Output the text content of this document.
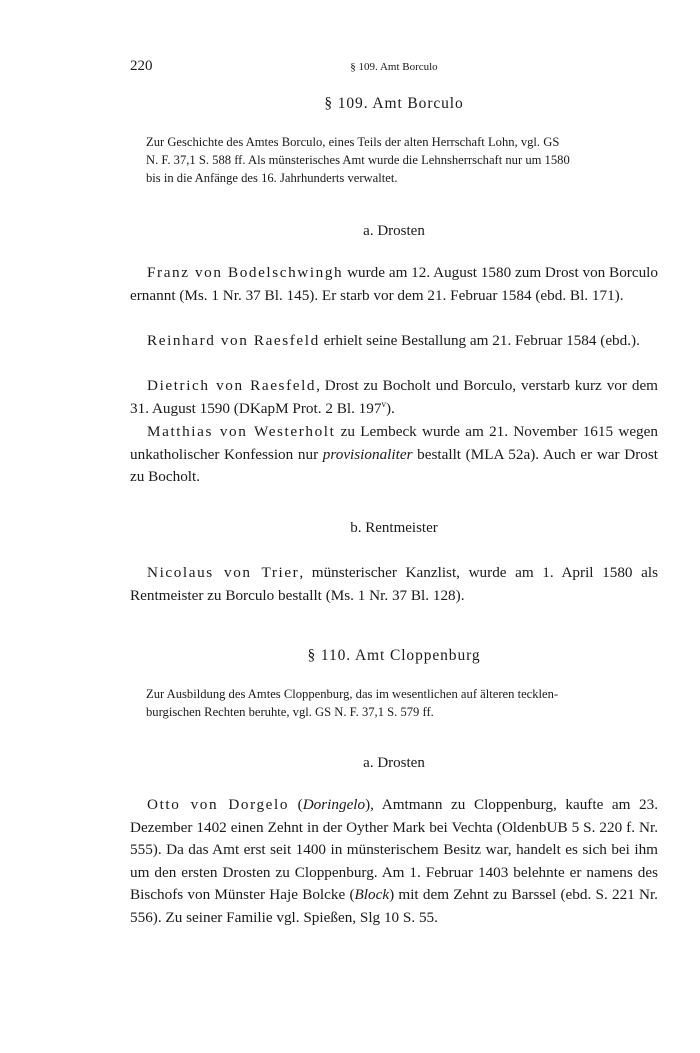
220	§ 109. Amt Borculo
§ 109. Amt Borculo
Zur Geschichte des Amtes Borculo, eines Teils der alten Herrschaft Lohn, vgl. GS
N. F. 37,1 S. 588 ff. Als münsterisches Amt wurde die Lehnsherrschaft nur um 1580
bis in die Anfänge des 16. Jahrhunderts verwaltet.
a. Drosten
Franz von Bodelschwingh wurde am 12. August 1580 zum Drost von Borculo ernannt (Ms. 1 Nr. 37 Bl. 145). Er starb vor dem 21. Februar 1584 (ebd. Bl. 171).
Reinhard von Raesfeld erhielt seine Bestallung am 21. Februar 1584 (ebd.).
Dietrich von Raesfeld, Drost zu Bocholt und Borculo, verstarb kurz vor dem 31. August 1590 (DKapM Prot. 2 Bl. 197$^v$).
Matthias von Westerholt zu Lembeck wurde am 21. November 1615 wegen unkatholischer Konfession nur provisionaliter bestallt (MLA 52a). Auch er war Drost zu Bocholt.
b. Rentmeister
Nicolaus von Trier, münsterischer Kanzlist, wurde am 1. April 1580 als Rentmeister zu Borculo bestallt (Ms. 1 Nr. 37 Bl. 128).
§ 110. Amt Cloppenburg
Zur Ausbildung des Amtes Cloppenburg, das im wesentlichen auf älteren tecklen-
burgischen Rechten beruhte, vgl. GS N. F. 37,1 S. 579 ff.
a. Drosten
Otto von Dorgelo (Doringelo), Amtmann zu Cloppenburg, kaufte am 23. Dezember 1402 einen Zehnt in der Oyther Mark bei Vechta (OldenbUB 5 S. 220 f. Nr. 555). Da das Amt erst seit 1400 in münsterischem Besitz war, handelt es sich bei ihm um den ersten Drosten zu Cloppenburg. Am 1. Februar 1403 belehnte er namens des Bischofs von Münster Haje Bolcke (Block) mit dem Zehnt zu Barssel (ebd. S. 221 Nr. 556). Zu seiner Familie vgl. Spießen, Slg 10 S. 55.
